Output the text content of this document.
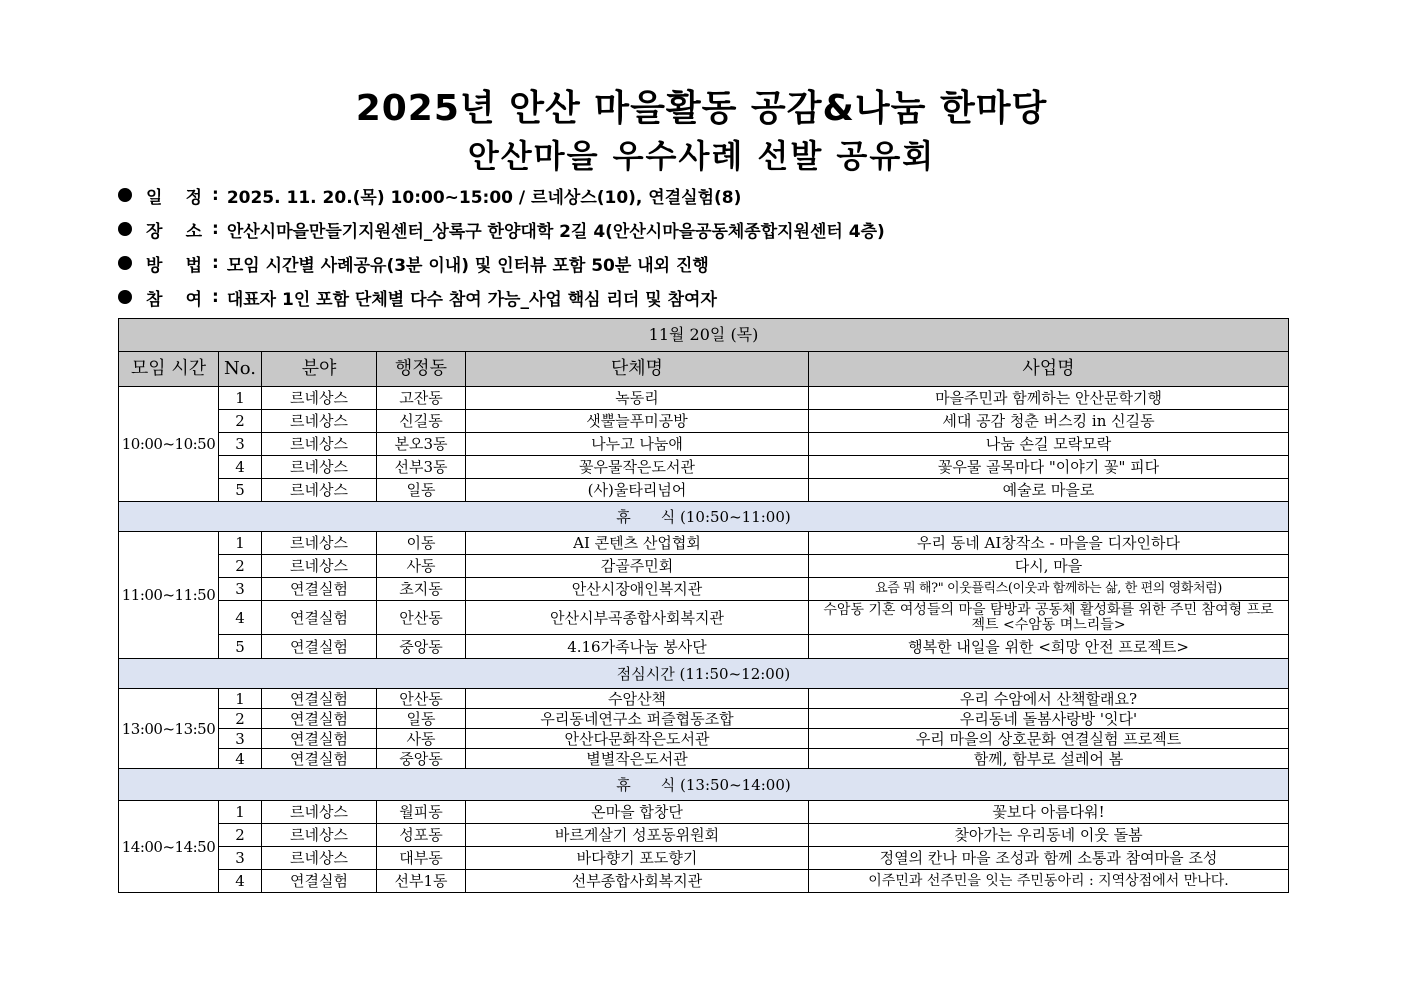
2025년 안산 마을활동 공감&나눔 한마당
안산마을 우수사례 선발 공유회
일 정 : 2025. 11. 20.(목) 10:00~15:00 / 르네상스(10), 연결실험(8)
장 소 : 안산시마을만들기지원센터_상록구 한양대학 2길 4(안산시마을공동체종합지원센터 4층)
방 법 : 모임 시간별 사례공유(3분 이내) 및 인터뷰 포함 50분 내외 진행
참 여 : 대표자 1인 포함 단체별 다수 참여 가능_사업 핵심 리더 및 참여자
11월 20일 (목)					
모임 시간	No.	분야	행정동	단체명	사업명
10:00~10:50	1	르네상스	고잔동	녹동리	마을주민과 함께하는 안산문학기행
	2	르네상스	신길동	샛뿔늘푸미공방	세대 공감 청춘 버스킹 in 신길동
	3	르네상스	본오3동	나누고 나눔애	나눔 손길 모락모락
	4	르네상스	선부3동	꽃우물작은도서관	꽃우물 골목마다 "이야기 꽃" 피다
	5	르네상스	일동	(사)울타리넘어	예술로 마을로
휴　　식 (10:50~11:00)					
11:00~11:50	1	르네상스	이동	AI 콘텐츠 산업협회	우리 동네 AI창작소 - 마을을 디자인하다
	2	르네상스	사동	감골주민회	다시, 마을
	3	연결실험	초지동	안산시장애인복지관	요즘 뭐 해?" 이웃플릭스(이웃과 함께하는 삶, 한 편의 영화처럼)
	4	연결실험	안산동	안산시부곡종합사회복지관	수암동 기혼 여성들의 마을 탐방과 공동체 활성화를 위한 주민 참여형 프로젝트 <수암동 며느리들>
	5	연결실험	중앙동	4.16가족나눔 봉사단	행복한 내일을 위한 <희망 안전 프로젝트>
점심시간 (11:50~12:00)					
13:00~13:50	1	연결실험	안산동	수암산책	우리 수암에서 산책할래요?
	2	연결실험	일동	우리동네연구소 퍼즐협동조합	우리동네 돌봄사랑방 '잇다'
	3	연결실험	사동	안산다문화작은도서관	우리 마을의 상호문화 연결실험 프로젝트
	4	연결실험	중앙동	별별작은도서관	함께, 함부로 설레어 봄
휴　　식 (13:50~14:00)					
14:00~14:50	1	르네상스	월피동	온마을 합창단	꽃보다 아름다워!
	2	르네상스	성포동	바르게살기 성포동위원회	찾아가는 우리동네 이웃 돌봄
	3	르네상스	대부동	바다향기 포도향기	정열의 칸나 마을 조성과 함께 소통과 참여마을 조성
	4	연결실험	선부1동	선부종합사회복지관	이주민과 선주민을 잇는 주민동아리 : 지역상점에서 만나다.
